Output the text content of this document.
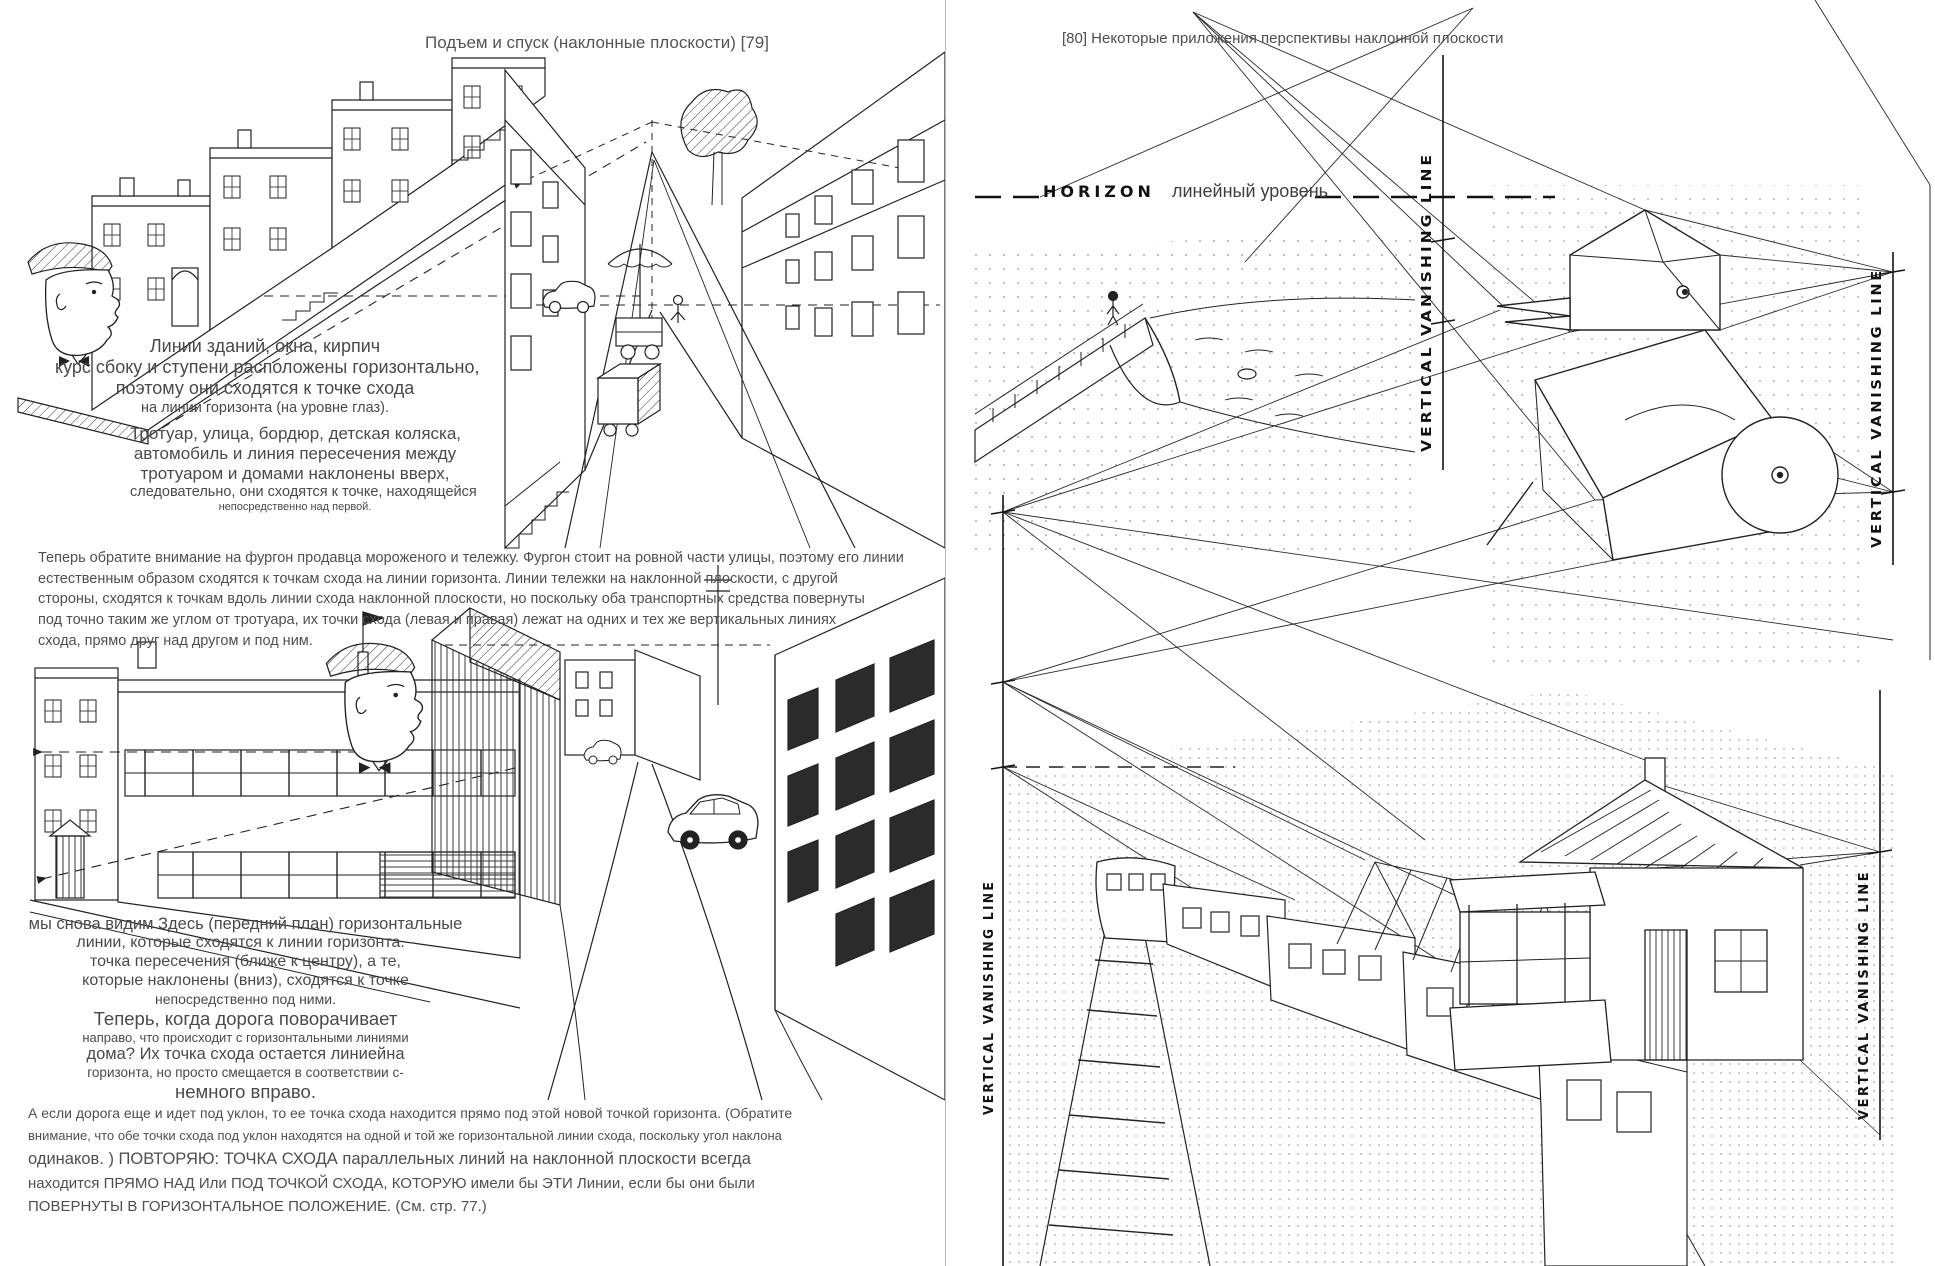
VERTICAL VANISHING LINE	VERTICAL VANISHING LINE
VERTICAL VANISHING LINE
VERTICAL VANISHING LINE
Подъем и спуск (наклонные плоскости) [79]
Линии зданий, окна, кирпич
курс сбоку и ступени расположены горизонтально,
поэтому они сходятся к точке схода
на линии горизонта (на уровне глаз).
Тротуар, улица, бордюр, детская коляска,
автомобиль и линия пересечения между
тротуаром и домами наклонены вверх,
следовательно, они сходятся к точке, находящейся
непосредственно над первой.
Теперь обратите внимание на фургон продавца мороженого и тележку. Фургон стоит на ровной части улицы, поэтому его линии
естественным образом сходятся к точкам схода на линии горизонта. Линии тележки на наклонной плоскости, с другой
стороны, сходятся к точкам вдоль линии схода наклонной плоскости, но поскольку оба транспортных средства повернуты
под точно таким же углом от тротуара, их точки схода (левая и правая) лежат на одних и тех же вертикальных линиях
схода, прямо друг над другом и под ним.
мы снова видим Здесь (передний план) горизонтальные
линии, которые сходятся к линии горизонта. -
точка пересечения (ближе к центру), а те,
которые наклонены (вниз), сходятся к точке
непосредственно под ними.
Теперь, когда дорога поворачивает
направо, что происходит с горизонтальными линиями
дома? Их точка схода остается линиейна
горизонта, но просто смещается в соответствии с-
немного вправо.
А если дорога еще и идет под уклон, то ее точка схода находится прямо под этой новой точкой горизонта. (Обратите
внимание, что обе точки схода под уклон находятся на одной и той же горизонтальной линии схода, поскольку угол наклона
одинаков. ) ПОВТОРЯЮ: ТОЧКА СХОДА параллельных линий на наклонной плоскости всегда
находится ПРЯМО НАД Или ПОД ТОЧКОЙ СХОДА, КОТОРУЮ имели бы ЭТИ Линии, если бы они были
ПОВЕРНУТЫ В ГОРИЗОНТАЛЬНОЕ ПОЛОЖЕНИЕ. (См. стр. 77.)
[80] Некоторые приложения перспективы наклонной плоскости
HORIZON линейный уровень
